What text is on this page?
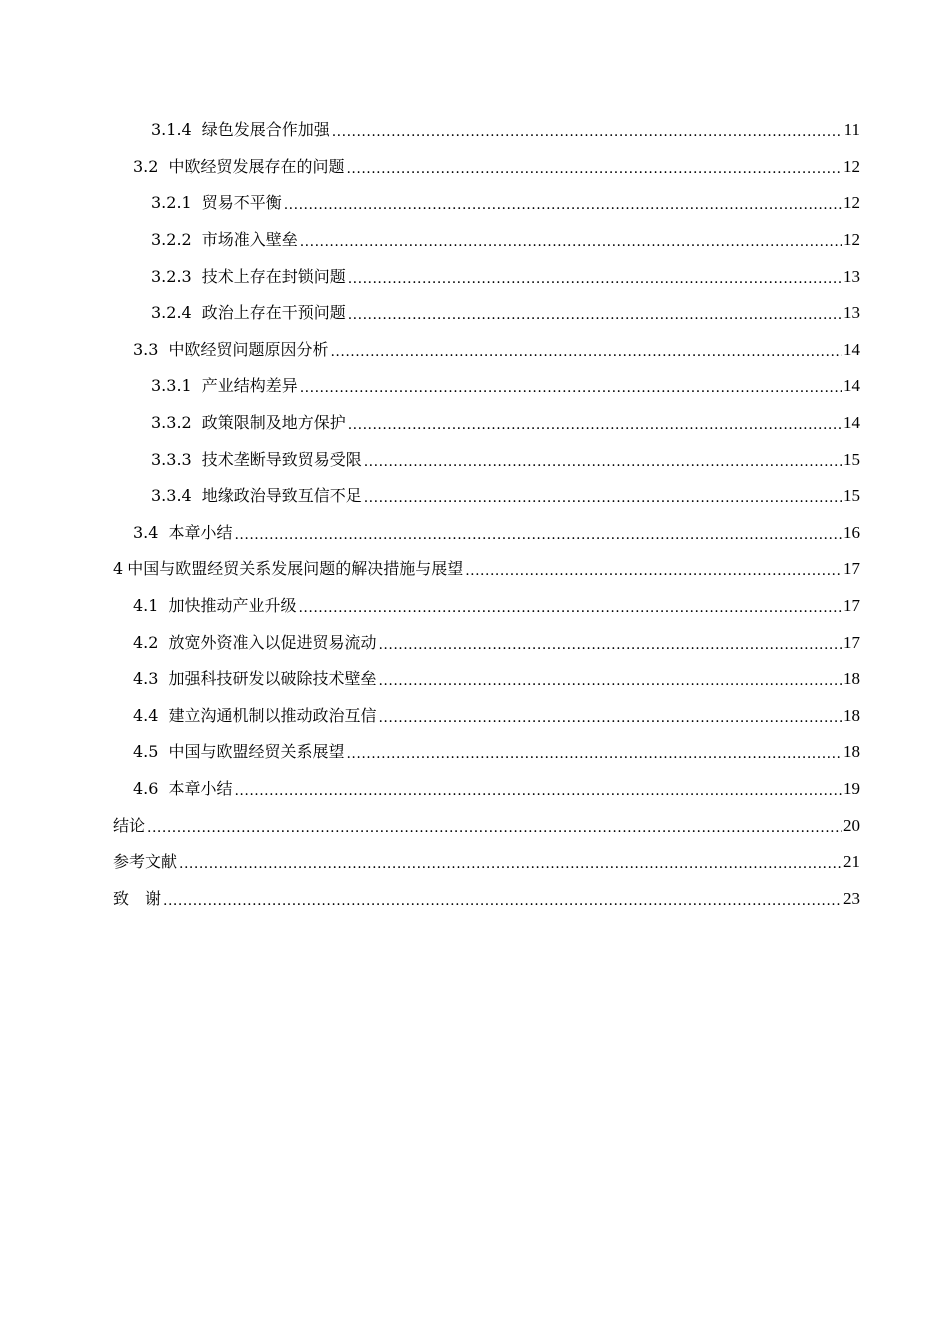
3.1.4 绿色发展合作加强 .....	11
3.2 中欧经贸发展存在的问题 .....	12
3.2.1 贸易不平衡 .....	12
3.2.2 市场准入壁垒 .....	12
3.2.3 技术上存在封锁问题 .....	13
3.2.4 政治上存在干预问题 .....	13
3.3 中欧经贸问题原因分析 .....	14
3.3.1 产业结构差异 .....	14
3.3.2 政策限制及地方保护 .....	14
3.3.3 技术垄断导致贸易受限 .....	15
3.3.4 地缘政治导致互信不足 .....	15
3.4 本章小结 .....	16
4 中国与欧盟经贸关系发展问题的解决措施与展望 .....	17
4.1 加快推动产业升级 .....	17
4.2 放宽外资准入以促进贸易流动 .....	17
4.3 加强科技研发以破除技术壁垒 .....	18
4.4 建立沟通机制以推动政治互信 .....	18
4.5 中国与欧盟经贸关系展望 .....	18
4.6 本章小结 .....	19
结论 .....	20
参考文献 .....	21
致　谢 .....	23
